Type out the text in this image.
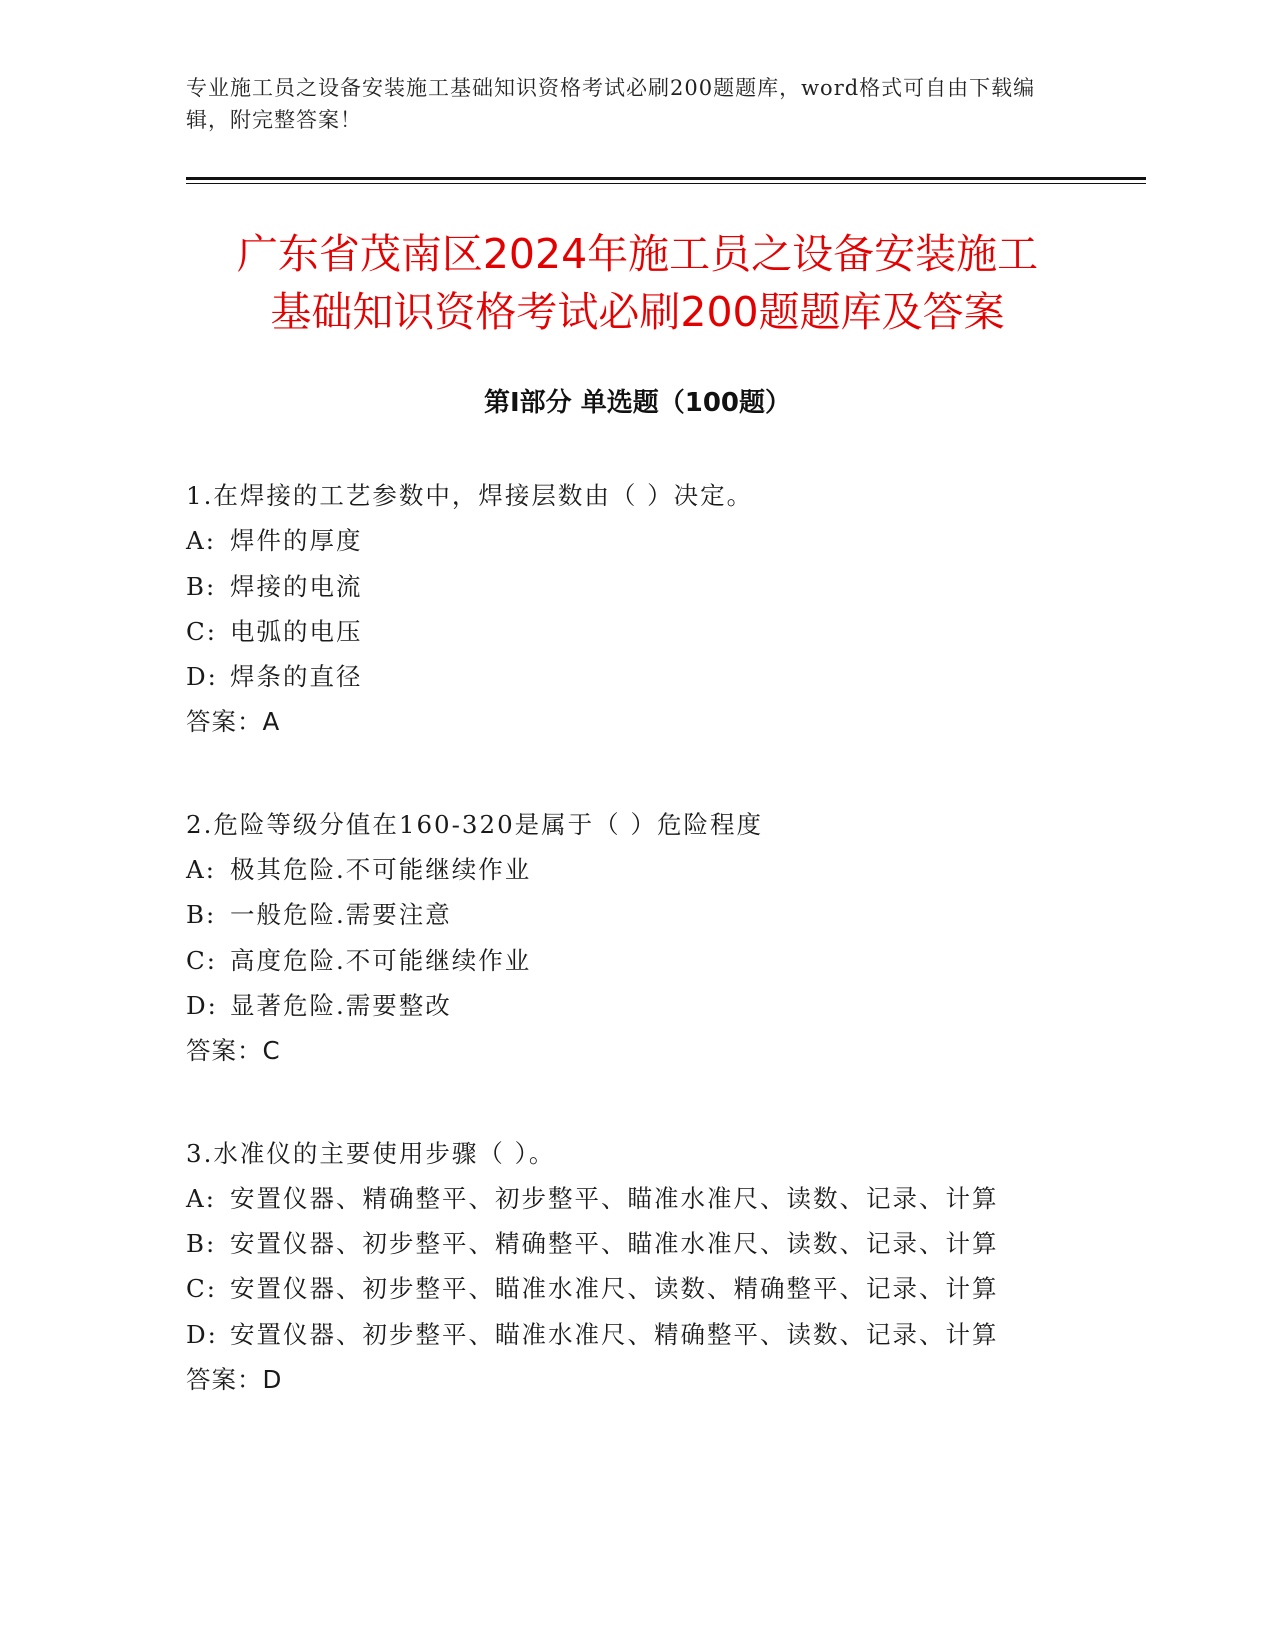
专业施工员之设备安装施工基础知识资格考试必刷200题题库，word格式可自由下载编辑，附完整答案！
广东省茂南区2024年施工员之设备安装施工
基础知识资格考试必刷200题题库及答案
第Ⅰ部分 单选题（100题）
1.在焊接的工艺参数中，焊接层数由（ ）决定。
A: 焊件的厚度
B: 焊接的电流
C: 电弧的电压
D: 焊条的直径
答案：A
2.危险等级分值在160-320是属于（ ）危险程度
A: 极其危险.不可能继续作业
B: 一般危险.需要注意
C: 高度危险.不可能继续作业
D: 显著危险.需要整改
答案：C
3.水准仪的主要使用步骤（ ）。
A: 安置仪器、精确整平、初步整平、瞄准水准尺、读数、记录、计算
B: 安置仪器、初步整平、精确整平、瞄准水准尺、读数、记录、计算
C: 安置仪器、初步整平、瞄准水准尺、读数、精确整平、记录、计算
D: 安置仪器、初步整平、瞄准水准尺、精确整平、读数、记录、计算
答案：D
